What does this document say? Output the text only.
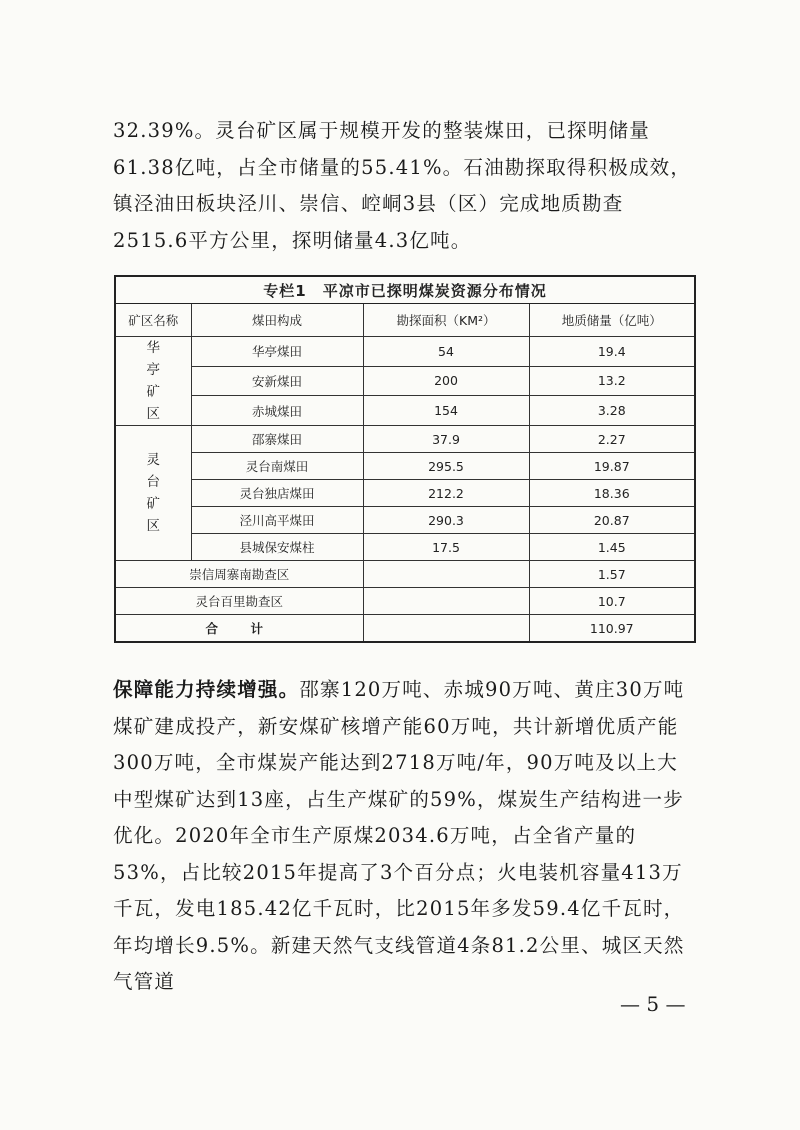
32.39%。灵台矿区属于规模开发的整装煤田，已探明储量61.38亿吨，占全市储量的55.41%。石油勘探取得积极成效，镇泾油田板块泾川、崇信、崆峒3县（区）完成地质勘查2515.6平方公里，探明储量4.3亿吨。

专栏1　平凉市已探明煤炭资源分布情况			
矿区名称	煤田构成	勘探面积（KM²）	地质储量（亿吨）

华
亭
矿
区	华亭煤田	54	19.4
	安新煤田	200	13.2
	赤城煤田	154	3.28

灵
台
矿
区	邵寨煤田	37.9	2.27
	灵台南煤田	295.5	19.87
	灵台独店煤田	212.2	18.36
	泾川高平煤田	290.3	20.87
	县城保安煤柱	17.5	1.45
崇信周寨南勘查区			1.57
灵台百里勘查区			10.7
合　计			110.97

保障能力持续增强。邵寨120万吨、赤城90万吨、黄庄30万吨煤矿建成投产，新安煤矿核增产能60万吨，共计新增优质产能300万吨，全市煤炭产能达到2718万吨/年，90万吨及以上大中型煤矿达到13座，占生产煤矿的59%，煤炭生产结构进一步优化。2020年全市生产原煤2034.6万吨，占全省产量的53%，占比较2015年提高了3个百分点；火电装机容量413万千瓦，发电185.42亿千瓦时，比2015年多发59.4亿千瓦时，年均增长9.5%。新建天然气支线管道4条81.2公里、城区天然气管道

— 5 —
